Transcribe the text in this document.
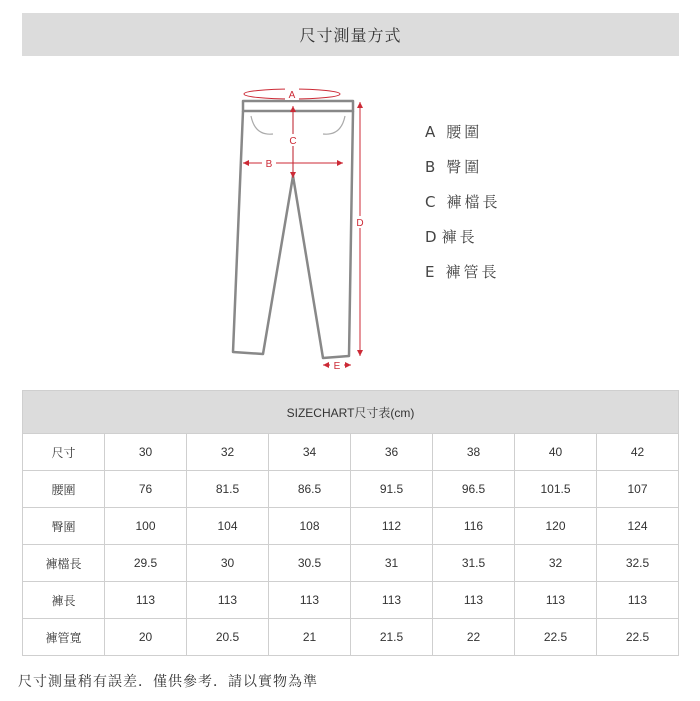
尺寸測量方式
A
B
C
D
E
A 腰圍
B 臀圍
C 褲檔長
D 褲長
E 褲管長
SIZECHART尺寸表(cm)							
尺寸	30	32	34	36	38	40	42
腰圍	76	81.5	86.5	91.5	96.5	101.5	107
臀圍	100	104	108	112	116	120	124
褲檔長	29.5	30	30.5	31	31.5	32	32.5
褲長	113	113	113	113	113	113	113
褲管寬	20	20.5	21	21.5	22	22.5	22.5
尺寸測量稍有誤差．僅供參考．請以實物為準
